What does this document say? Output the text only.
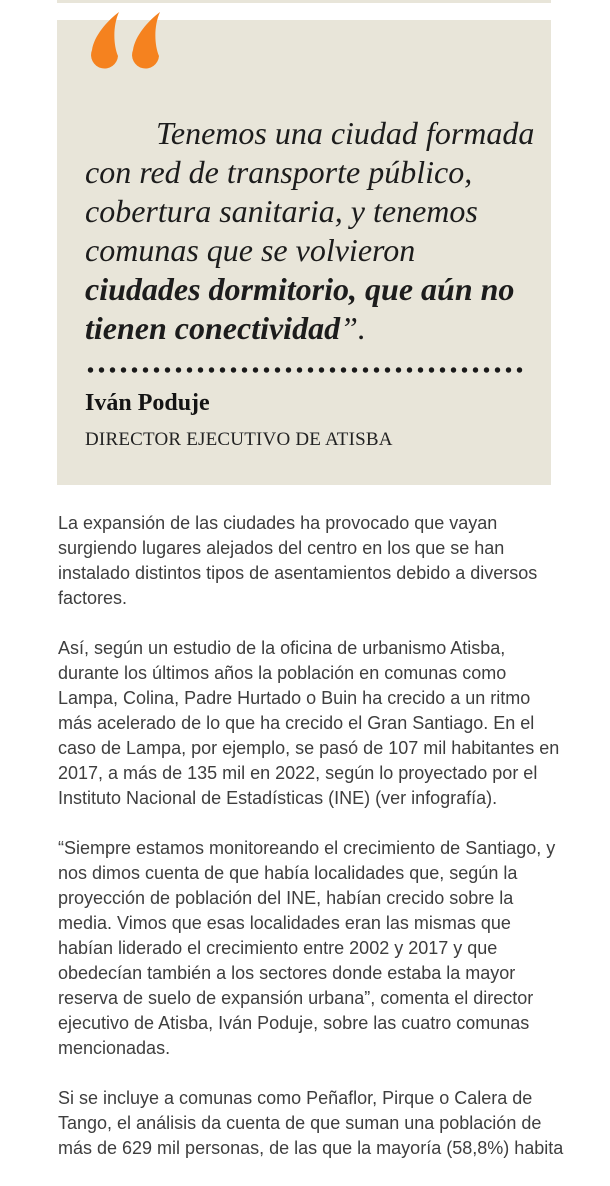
Tenemos una ciudad formada
con red de transporte público,
cobertura sanitaria, y tenemos
comunas que se volvieron
ciudades dormitorio, que aún no
tienen conectividad”.
Iván Poduje
DIRECTOR EJECUTIVO DE ATISBA

La expansión de las ciudades ha provocado que vayan surgiendo lugares alejados del centro en los que se han instalado distintos tipos de asentamientos debido a diversos factores.

Así, según un estudio de la oficina de urbanismo Atisba, durante los últimos años la población en comunas como Lampa, Colina, Padre Hurtado o Buin ha crecido a un ritmo más acelerado de lo que ha crecido el Gran Santiago. En el caso de Lampa, por ejemplo, se pasó de 107 mil habitantes en 2017, a más de 135 mil en 2022, según lo proyectado por el Instituto Nacional de Estadísticas (INE) (ver infografía).

“Siempre estamos monitoreando el crecimiento de Santiago, y nos dimos cuenta de que había localidades que, según la proyección de población del INE, habían crecido sobre la media. Vimos que esas localidades eran las mismas que habían liderado el crecimiento entre 2002 y 2017 y que obedecían también a los sectores donde estaba la mayor reserva de suelo de expansión urbana”, comenta el director ejecutivo de Atisba, Iván Poduje, sobre las cuatro comunas mencionadas.

Si se incluye a comunas como Peñaflor, Pirque o Calera de Tango, el análisis da cuenta de que suman una población de más de 629 mil personas, de las que la mayoría (58,8%) habita
